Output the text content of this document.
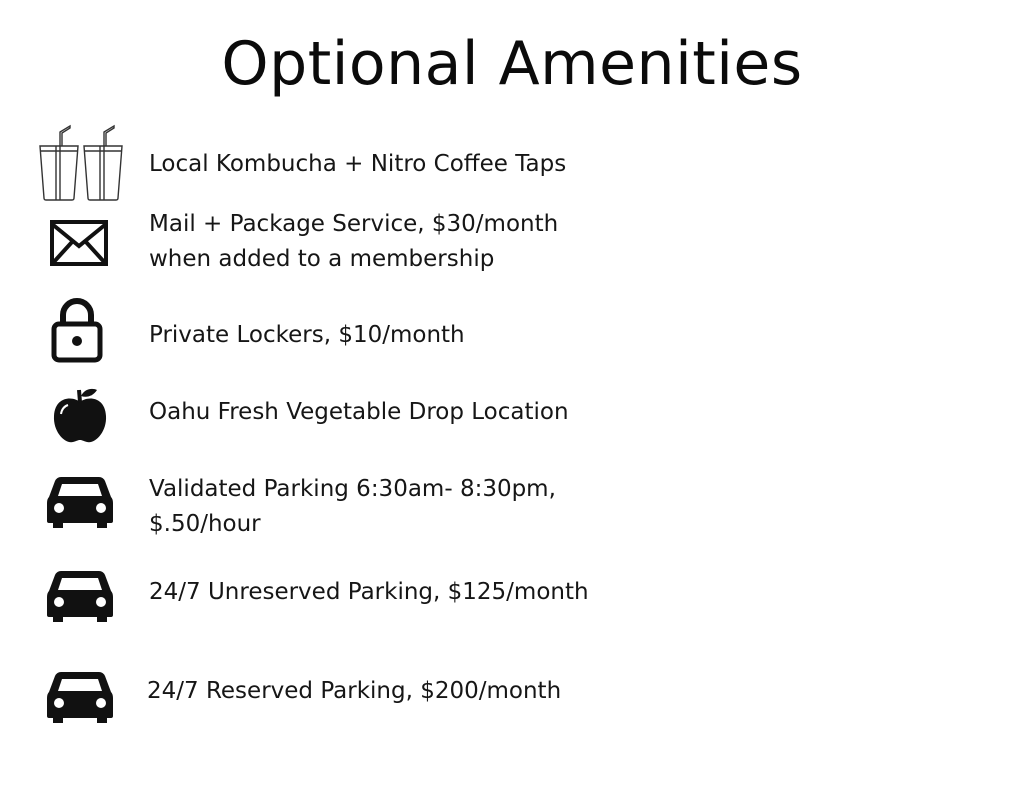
Optional Amenities
Local Kombucha + Nitro Coffee Taps
Mail + Package Service, $30/month
when added to a membership
Private Lockers, $10/month
Oahu Fresh Vegetable Drop Location
Validated Parking 6:30am- 8:30pm,
$.50/hour
24/7 Unreserved Parking, $125/month
24/7 Reserved Parking, $200/month
